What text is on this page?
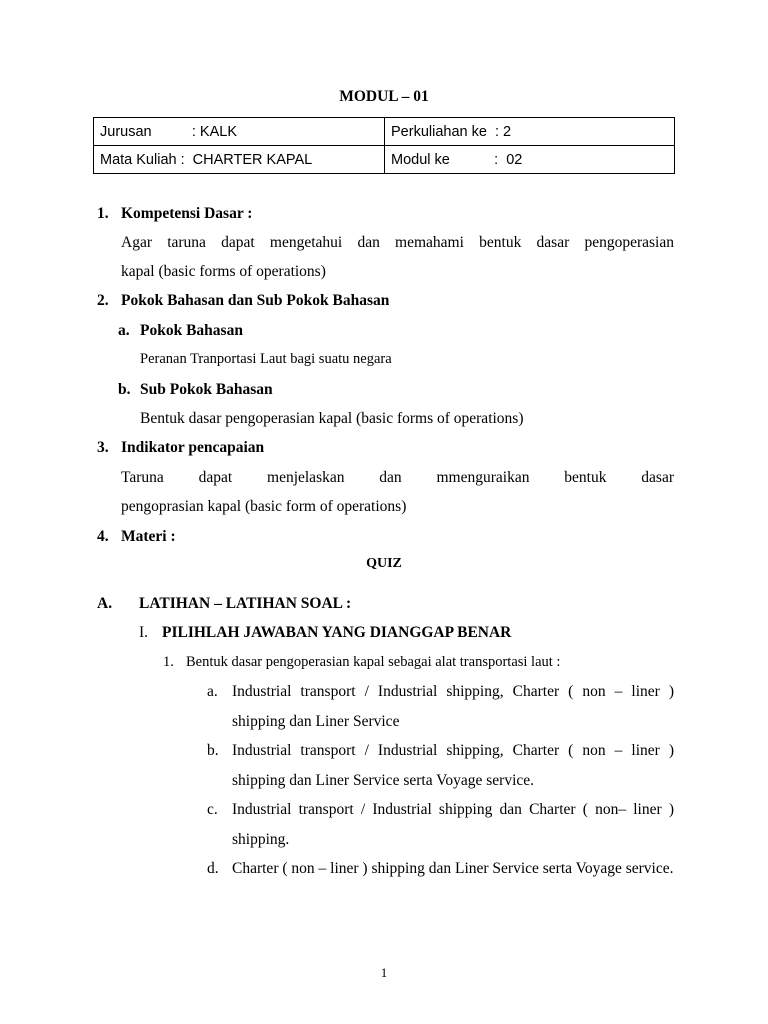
MODUL – 01
Jurusan          : KALK	Perkuliahan ke  : 2
Mata Kuliah :  CHARTER KAPAL	Modul ke           :  02
1. Kompetensi Dasar :
Agar taruna dapat mengetahui dan memahami bentuk dasar pengoperasian
kapal (basic forms of operations)
2. Pokok Bahasan dan Sub Pokok Bahasan
a. Pokok Bahasan
Peranan Tranportasi Laut bagi suatu negara
b. Sub Pokok Bahasan
Bentuk dasar pengoperasian kapal (basic forms of operations)
3. Indikator pencapaian
Taruna dapat menjelaskan dan mmenguraikan bentuk dasar
pengoprasian kapal (basic form of operations)
4. Materi :
QUIZ
A. LATIHAN – LATIHAN SOAL :
I. PILIHLAH JAWABAN YANG DIANGGAP BENAR
1. Bentuk dasar pengoperasian kapal sebagai alat transportasi laut :
a. Industrial transport / Industrial shipping, Charter ( non – liner ) shipping dan Liner Service
b. Industrial transport / Industrial shipping, Charter ( non – liner ) shipping dan Liner Service serta Voyage service.
c. Industrial transport / Industrial shipping dan Charter ( non– liner ) shipping.
d. Charter ( non – liner ) shipping dan Liner Service serta Voyage service.
1
